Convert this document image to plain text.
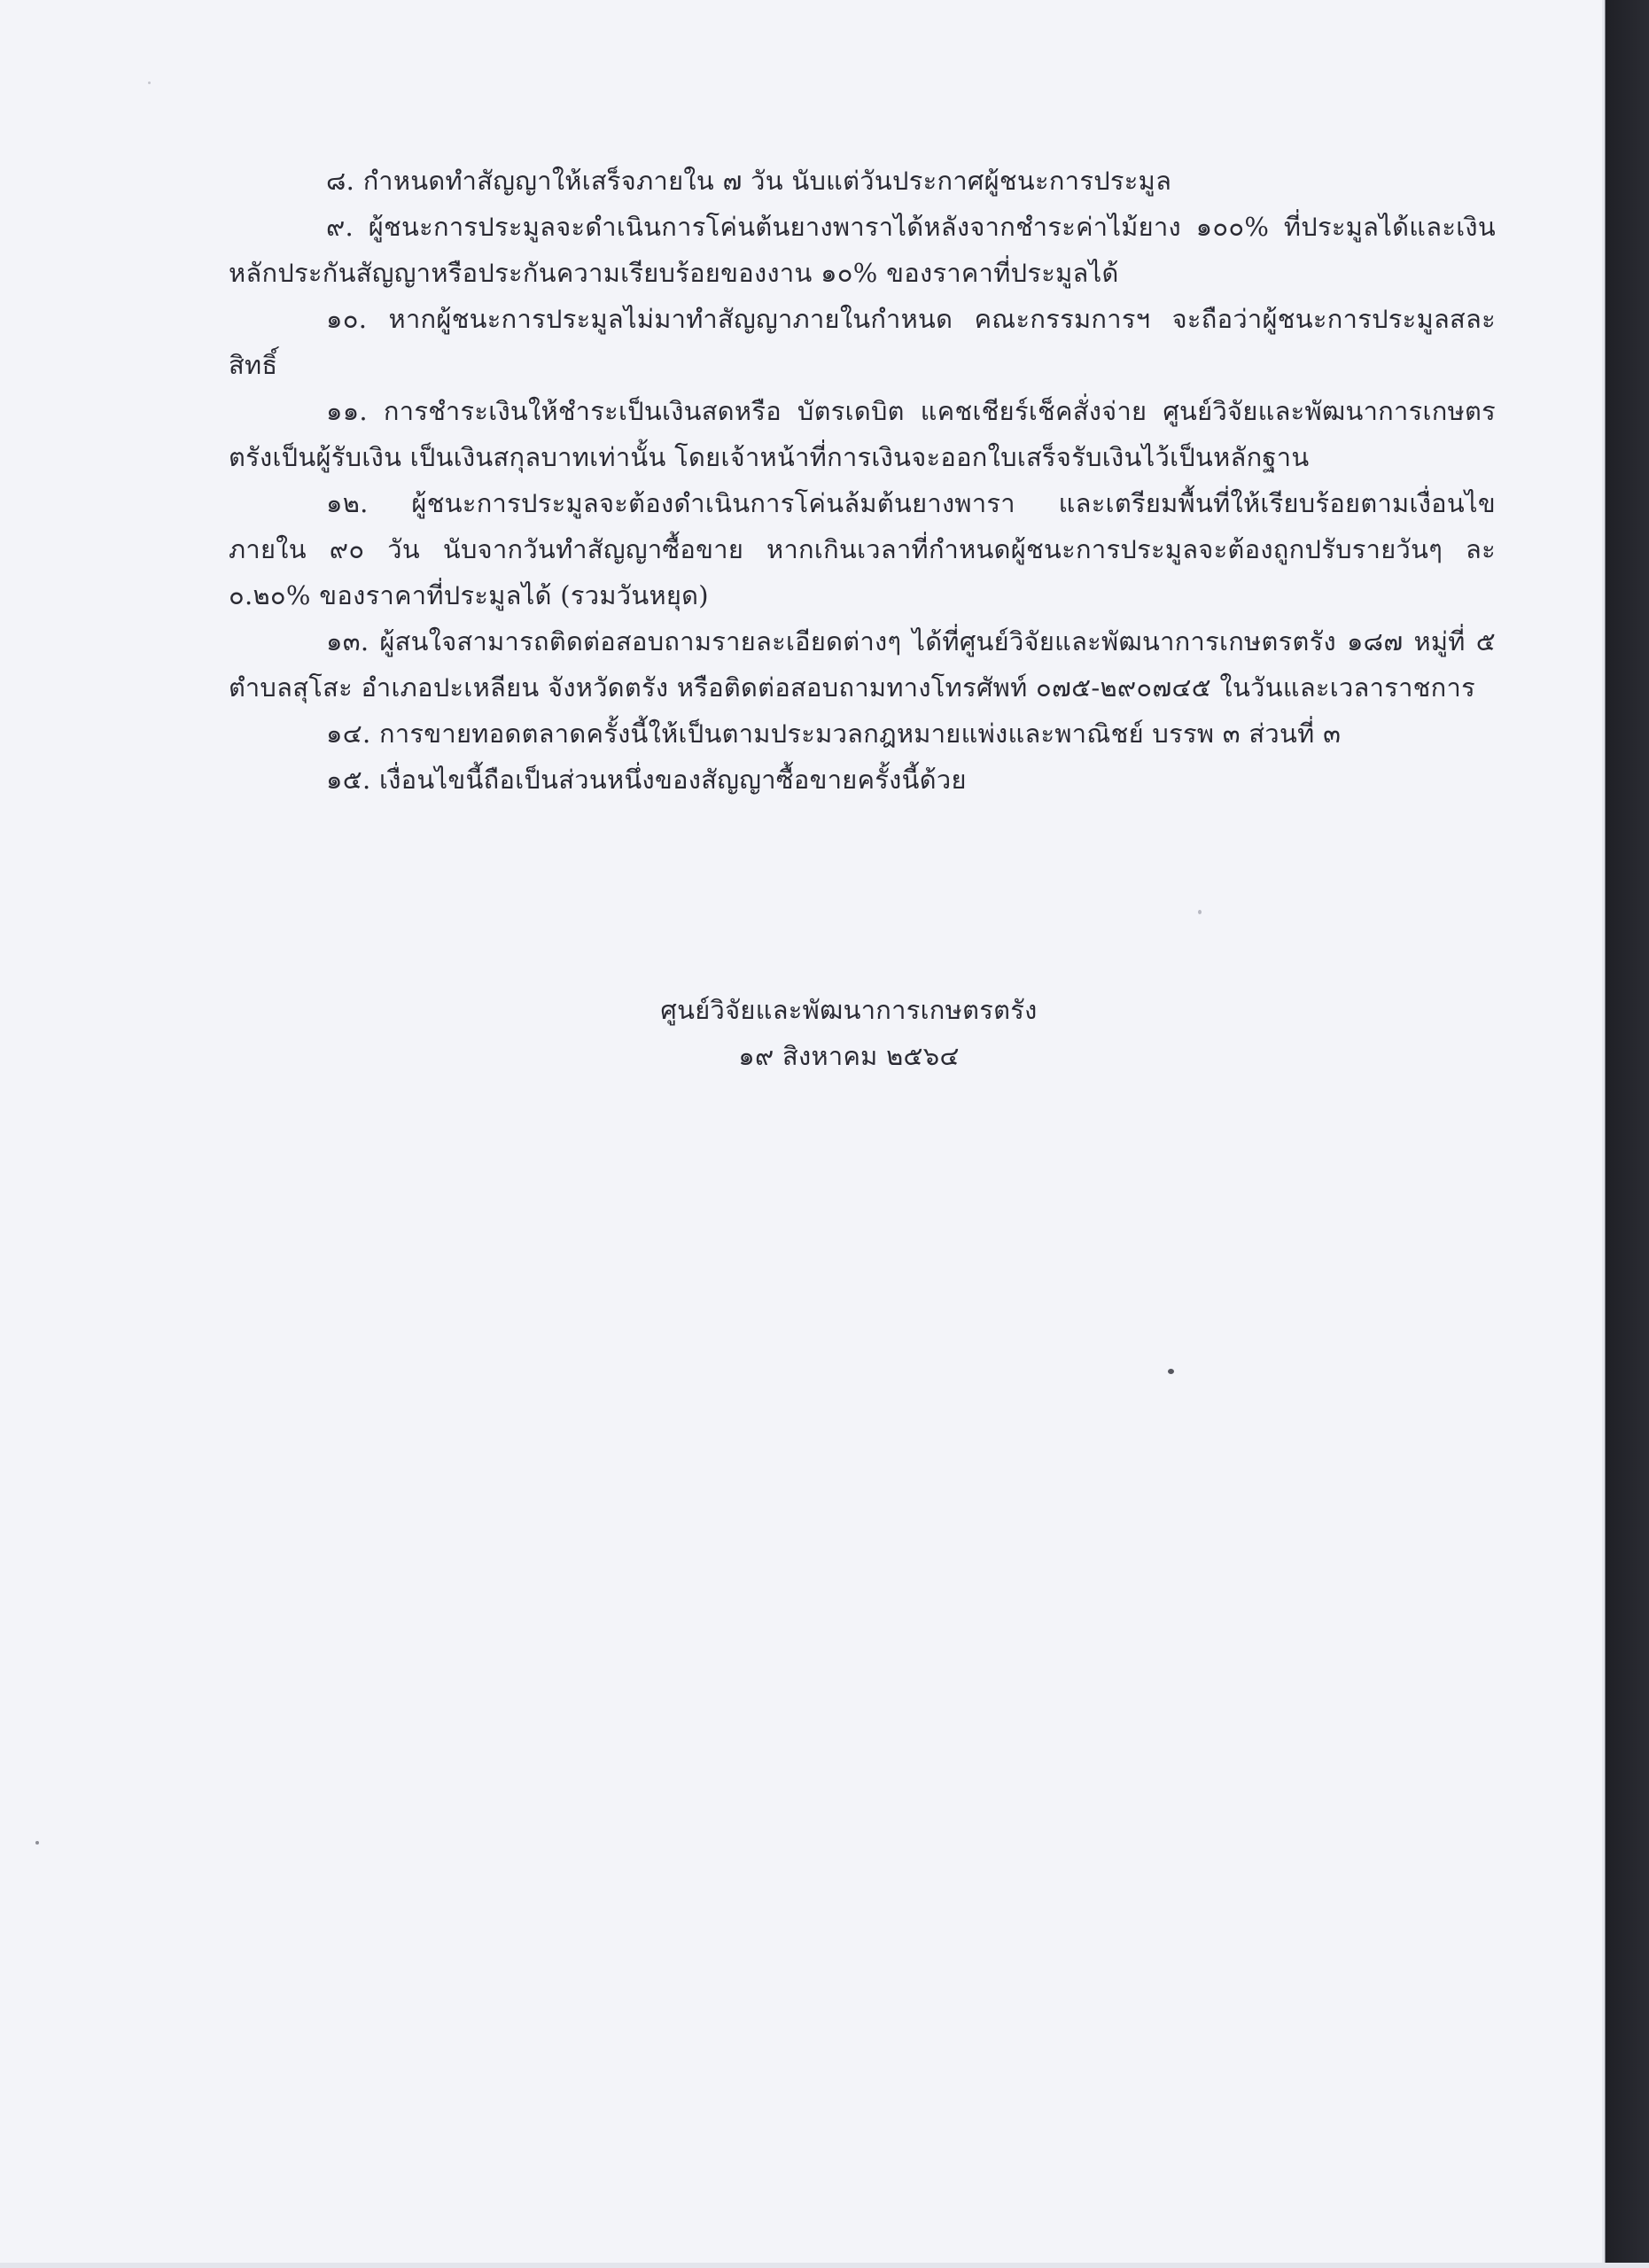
๘. กำหนดทำสัญญาให้เสร็จภายใน ๗ วัน นับแต่วันประกาศผู้ชนะการประมูล

๙. ผู้ชนะการประมูลจะดำเนินการโค่นต้นยางพาราได้หลังจากชำระค่าไม้ยาง ๑๐๐% ที่ประมูลได้และเงินหลักประกันสัญญาหรือประกันความเรียบร้อยของงาน ๑๐% ของราคาที่ประมูลได้

๑๐. หากผู้ชนะการประมูลไม่มาทำสัญญาภายในกำหนด คณะกรรมการฯ จะถือว่าผู้ชนะการประมูลสละสิทธิ์

๑๑. การชำระเงินให้ชำระเป็นเงินสดหรือ บัตรเดบิต แคชเชียร์เช็คสั่งจ่าย ศูนย์วิจัยและพัฒนาการเกษตรตรังเป็นผู้รับเงิน เป็นเงินสกุลบาทเท่านั้น โดยเจ้าหน้าที่การเงินจะออกใบเสร็จรับเงินไว้เป็นหลักฐาน

๑๒. ผู้ชนะการประมูลจะต้องดำเนินการโค่นล้มต้นยางพารา และเตรียมพื้นที่ให้เรียบร้อยตามเงื่อนไขภายใน ๙๐ วัน นับจากวันทำสัญญาซื้อขาย หากเกินเวลาที่กำหนดผู้ชนะการประมูลจะต้องถูกปรับรายวันๆ ละ ๐.๒๐% ของราคาที่ประมูลได้ (รวมวันหยุด)

๑๓. ผู้สนใจสามารถติดต่อสอบถามรายละเอียดต่างๆ ได้ที่ศูนย์วิจัยและพัฒนาการเกษตรตรัง ๑๘๗ หมู่ที่ ๕ ตำบลสุโสะ อำเภอปะเหลียน จังหวัดตรัง หรือติดต่อสอบถามทางโทรศัพท์ ๐๗๕-๒๙๐๗๔๕ ในวันและเวลาราชการ

๑๔. การขายทอดตลาดครั้งนี้ให้เป็นตามประมวลกฎหมายแพ่งและพาณิชย์ บรรพ ๓ ส่วนที่ ๓

๑๕. เงื่อนไขนี้ถือเป็นส่วนหนึ่งของสัญญาซื้อขายครั้งนี้ด้วย

ศูนย์วิจัยและพัฒนาการเกษตรตรัง
๑๙ สิงหาคม ๒๕๖๔
